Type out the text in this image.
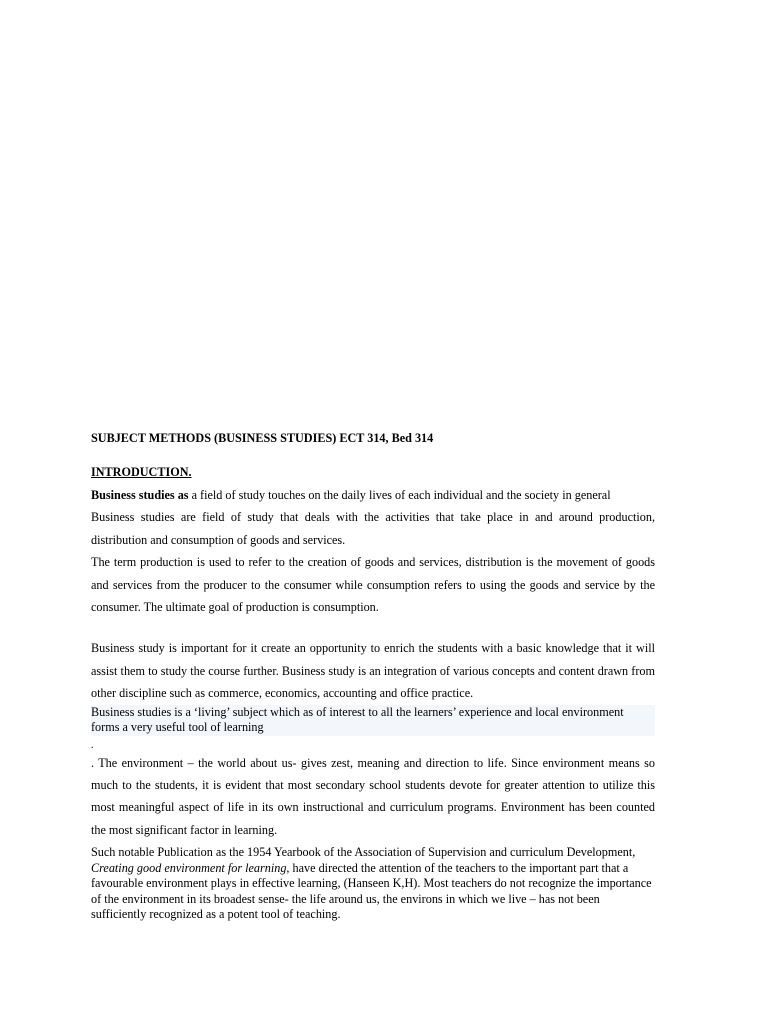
SUBJECT METHODS (BUSINESS STUDIES) ECT 314, Bed 314

INTRODUCTION.

Business studies as a field of study touches on the daily lives of each individual and the society in general

Business studies are field of study that deals with the activities that take place in and around production, distribution and consumption of goods and services.

The term production is used to refer to the creation of goods and services, distribution is the movement of goods and services from the producer to the consumer while consumption refers to using the goods and service by the consumer. The ultimate goal of production is consumption.

Business study is important for it create an opportunity to enrich the students with a basic knowledge that it will assist them to study the course further. Business study is an integration of various concepts and content drawn from other discipline such as commerce, economics, accounting and office practice.

Business studies is a ‘living’ subject which as of interest to all the learners’ experience and local environment forms a very useful tool of learning

.

. The environment – the world about us- gives zest, meaning and direction to life. Since environment means so much to the students, it is evident that most secondary school students devote for greater attention to utilize this most meaningful aspect of life in its own instructional and curriculum programs. Environment has been counted the most significant factor in learning.

Such notable Publication as the 1954 Yearbook of the Association of Supervision and curriculum Development, Creating good environment for learning, have directed the attention of the teachers to the important part that a favourable environment plays in effective learning, (Hanseen K,H). Most teachers do not recognize the importance of the environment in its broadest sense- the life around us, the environs in which we live – has not been sufficiently recognized as a potent tool of teaching.
